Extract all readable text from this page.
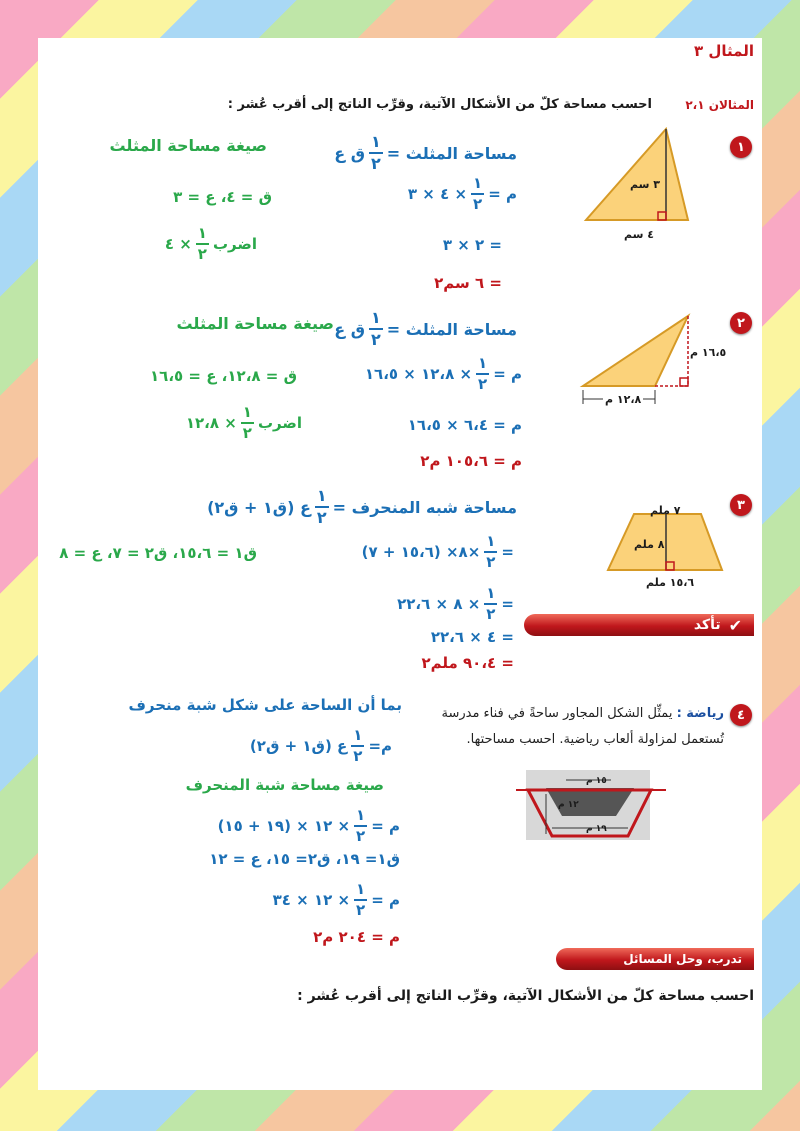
المثال ٣
المثالان ٢،١
احسب مساحة كلّ من الأشكال الآتية، وقرِّب الناتج إلى أقرب عُشر :
١
٣ سم
٤ سم
مساحة المثلث =
١
٢
ق ع
صيغة مساحة المثلث
م =
١
٢
× ٤ × ٣
ق = ٤، ع = ٣
= ٢ × ٣
اضرب
١
٢
× ٤
= ٦ سم٢
٢
١٦،٥ م
١٢،٨ م
مساحة المثلث =
١
٢
ق ع
صيغة مساحة المثلث
م =
١
٢
× ١٢،٨ × ١٦،٥
ق = ١٢،٨، ع = ١٦،٥
م = ٦،٤ × ١٦،٥
اضرب
١
٢
× ١٢،٨
م = ١٠٥،٦ م٢
٣
٧ ملم
٨ ملم
١٥،٦ ملم
مساحة شبه المنحرف =
١
٢
ع (ق١ + ق٢)
=
١
٢
×٨× (١٥،٦ + ٧)
ق١ = ١٥،٦، ق٢ = ٧، ع = ٨
=
١
٢
× ٨ × ٢٢،٦
✔
تأكد
= ٤ × ٢٢،٦
= ٩٠،٤ ملم٢
٤
رياضة : يمثِّل الشكل المجاور ساحةً في فناء مدرسة
تُستعمل لمزاولة ألعاب رياضية. احسب مساحتها.
١٥ م
١٢ م
١٩ م
بما أن الساحة على شكل شبة منحرف
م=
١
٢
ع (ق١ + ق٢)
صيغة مساحة شبة المنحرف
م =
١
٢
× ١٢ × (١٩ + ١٥)
ق١= ١٩، ق٢= ١٥، ع = ١٢
م =
١
٢
× ١٢ × ٣٤
م = ٢٠٤ م٢
تدرب، وحل المسائل
احسب مساحة كلّ من الأشكال الآتية، وقرِّب الناتج إلى أقرب عُشر :
